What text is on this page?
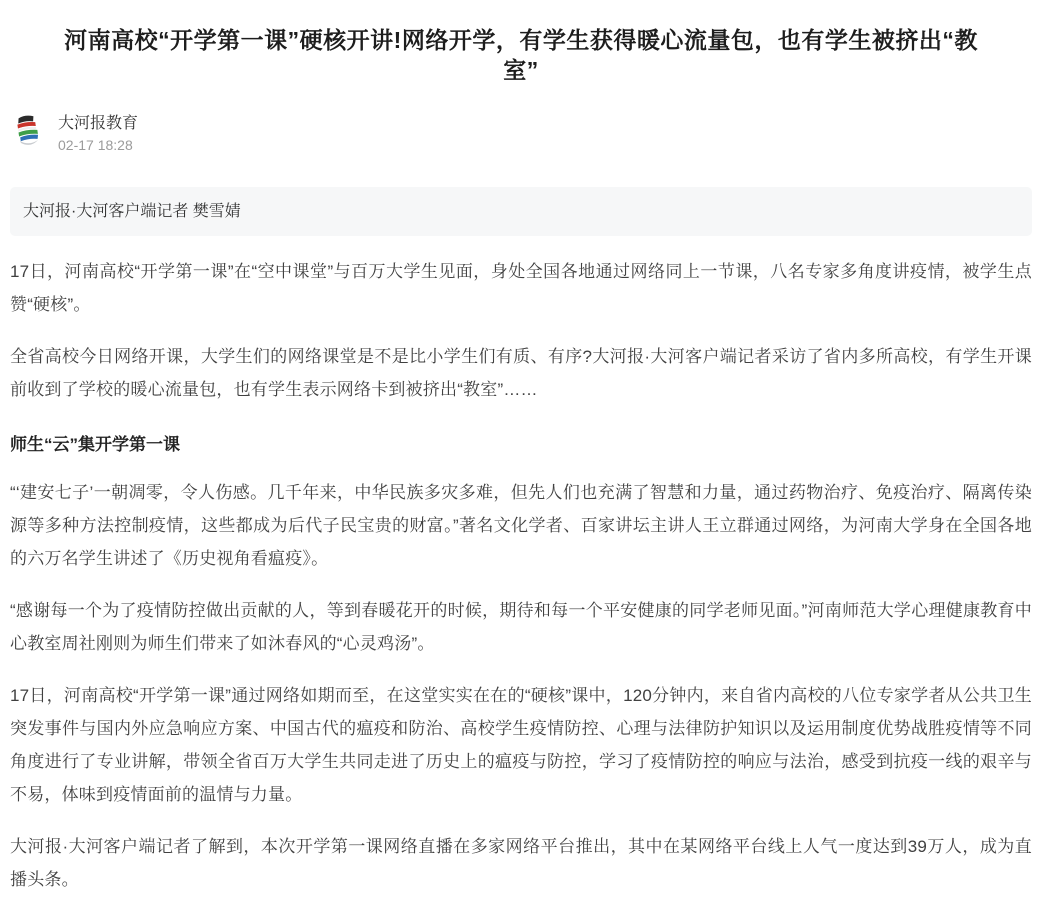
河南高校“开学第一课”硬核开讲!网络开学，有学生获得暖心流量包，也有学生被挤出“教室”
大河报教育
02-17 18:28
大河报·大河客户端记者 樊雪婧

17日，河南高校“开学第一课”在“空中课堂”与百万大学生见面，身处全国各地通过网络同上一节课，八名专家多角度讲疫情，被学生点赞“硬核”。

全省高校今日网络开课，大学生们的网络课堂是不是比小学生们有质、有序?大河报·大河客户端记者采访了省内多所高校，有学生开课前收到了学校的暖心流量包，也有学生表示网络卡到被挤出“教室”……

师生“云”集开学第一课

“‘建安七子’一朝凋零，令人伤感。几千年来，中华民族多灾多难，但先人们也充满了智慧和力量，通过药物治疗、免疫治疗、隔离传染源等多种方法控制疫情，这些都成为后代子民宝贵的财富。”著名文化学者、百家讲坛主讲人王立群通过网络，为河南大学身在全国各地的六万名学生讲述了《历史视角看瘟疫》。

“感谢每一个为了疫情防控做出贡献的人，等到春暖花开的时候，期待和每一个平安健康的同学老师见面。”河南师范大学心理健康教育中心教室周社刚则为师生们带来了如沐春风的“心灵鸡汤”。

17日，河南高校“开学第一课”通过网络如期而至，在这堂实实在在的“硬核”课中，120分钟内，来自省内高校的八位专家学者从公共卫生突发事件与国内外应急响应方案、中国古代的瘟疫和防治、高校学生疫情防控、心理与法律防护知识以及运用制度优势战胜疫情等不同角度进行了专业讲解，带领全省百万大学生共同走进了历史上的瘟疫与防控，学习了疫情防控的响应与法治，感受到抗疫一线的艰辛与不易，体味到疫情面前的温情与力量。

大河报·大河客户端记者了解到，本次开学第一课网络直播在多家网络平台推出，其中在某网络平台线上人气一度达到39万人，成为直播头条。
